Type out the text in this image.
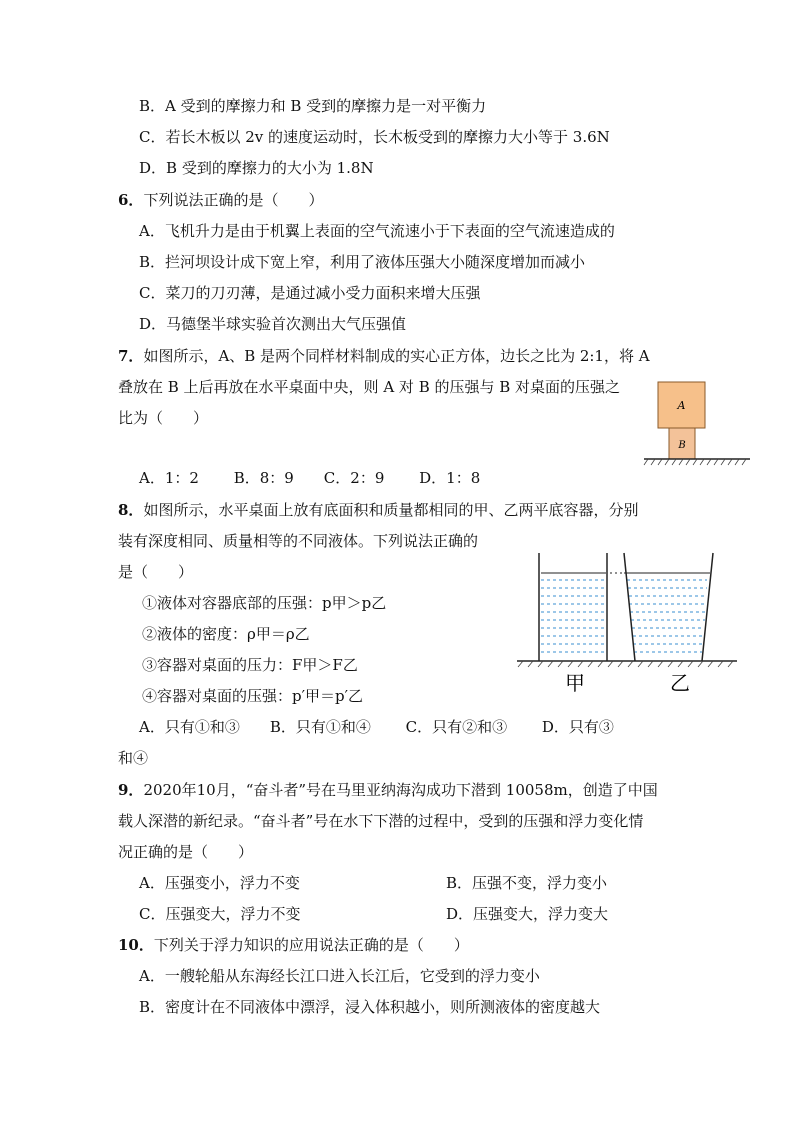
B．A 受到的摩擦力和 B 受到的摩擦力是一对平衡力
C．若长木板以 2v 的速度运动时，长木板受到的摩擦力大小等于 3.6N
D．B 受到的摩擦力的大小为 1.8N
6．下列说法正确的是（　　）
A．飞机升力是由于机翼上表面的空气流速小于下表面的空气流速造成的
B．拦河坝设计成下宽上窄，利用了液体压强大小随深度增加而减小
C．菜刀的刀刃薄，是通过减小受力面积来增大压强
D．马德堡半球实验首次测出大气压强值
7．如图所示，A、B 是两个同样材料制成的实心正方体，边长之比为 2:1，将 A
叠放在 B 上后再放在水平桌面中央，则 A 对 B 的压强与 B 对桌面的压强之
比为（　　）
A．1：2　　 B．8：9　　C．2：9　　 D．1：8
A
B
8．如图所示，水平桌面上放有底面积和质量都相同的甲、乙两平底容器，分别
装有深度相同、质量相等的不同液体。下列说法正确的
是（　　）
①液体对容器底部的压强：p甲＞p乙
②液体的密度：ρ甲＝ρ乙
③容器对桌面的压力：F甲＞F乙
④容器对桌面的压强：p′甲＝p′乙
A．只有①和③　　B．只有①和④　　 C．只有②和③　　 D．只有③
和④
甲	乙
9．2020年10月，“奋斗者”号在马里亚纳海沟成功下潜到 10058m，创造了中国
载人深潜的新纪录。“奋斗者”号在水下下潜的过程中，受到的压强和浮力变化情
况正确的是（　　）
A．压强变小，浮力不变	B．压强不变，浮力变小
C．压强变大，浮力不变	D．压强变大，浮力变大
10．下列关于浮力知识的应用说法正确的是（　　）
A．一艘轮船从东海经长江口进入长江后，它受到的浮力变小
B．密度计在不同液体中漂浮，浸入体积越小，则所测液体的密度越大
